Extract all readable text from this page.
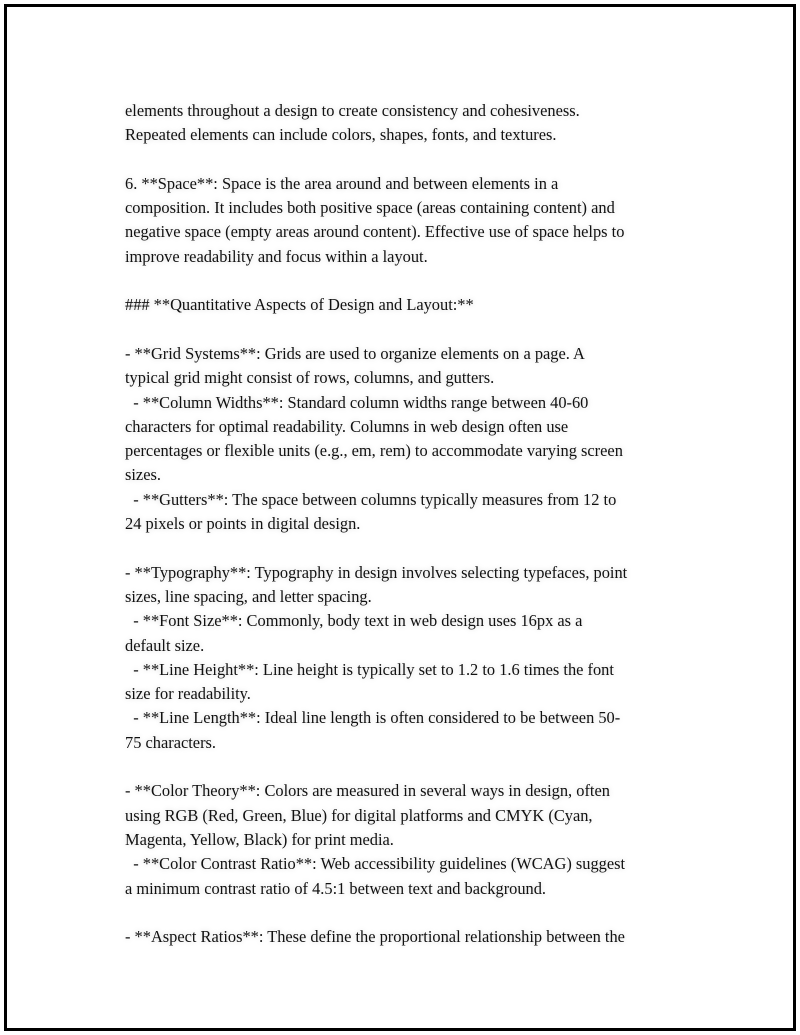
elements throughout a design to create consistency and cohesiveness.
Repeated elements can include colors, shapes, fonts, and textures.
6. **Space**: Space is the area around and between elements in a
composition. It includes both positive space (areas containing content) and
negative space (empty areas around content). Effective use of space helps to
improve readability and focus within a layout.
### **Quantitative Aspects of Design and Layout:**
- **Grid Systems**: Grids are used to organize elements on a page. A
typical grid might consist of rows, columns, and gutters.
- **Column Widths**: Standard column widths range between 40-60
characters for optimal readability. Columns in web design often use
percentages or flexible units (e.g., em, rem) to accommodate varying screen
sizes.
- **Gutters**: The space between columns typically measures from 12 to
24 pixels or points in digital design.
- **Typography**: Typography in design involves selecting typefaces, point
sizes, line spacing, and letter spacing.
- **Font Size**: Commonly, body text in web design uses 16px as a
default size.
- **Line Height**: Line height is typically set to 1.2 to 1.6 times the font
size for readability.
- **Line Length**: Ideal line length is often considered to be between 50-
75 characters.
- **Color Theory**: Colors are measured in several ways in design, often
using RGB (Red, Green, Blue) for digital platforms and CMYK (Cyan,
Magenta, Yellow, Black) for print media.
- **Color Contrast Ratio**: Web accessibility guidelines (WCAG) suggest
a minimum contrast ratio of 4.5:1 between text and background.
- **Aspect Ratios**: These define the proportional relationship between the
